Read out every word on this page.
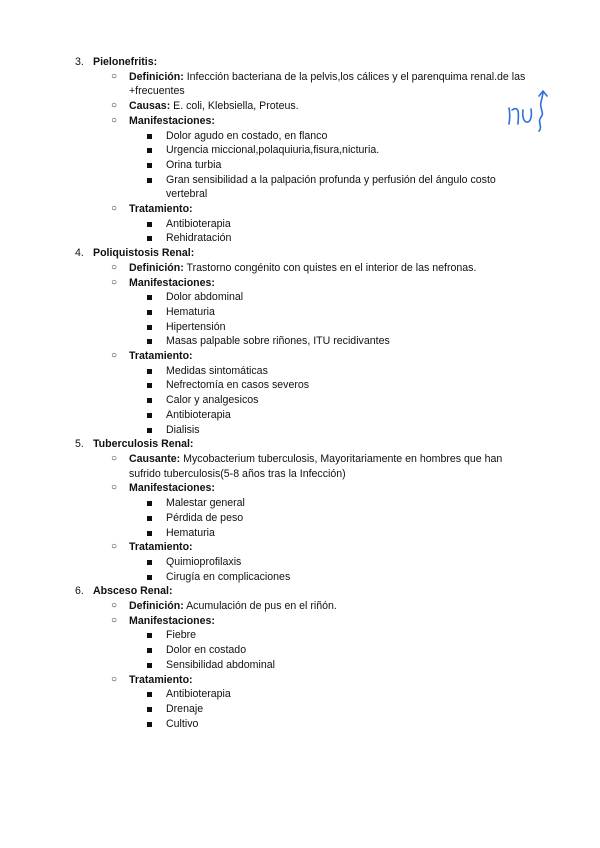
3. Pielonefritis:
○ Definición: Infección bacteriana de la pelvis,los cálices y el parenquima renal.de las +frecuentes
○ Causas: E. coli, Klebsiella, Proteus.
○ Manifestaciones:
Dolor agudo en costado, en flanco
Urgencia miccional,polaquiuria,fisura,nicturia.
Orina turbia
Gran sensibilidad a la palpación profunda y perfusión del ángulo costo vertebral
○ Tratamiento:
Antibioterapia
Rehidratación
4. Poliquistosis Renal:
○ Definición: Trastorno congénito con quistes en el interior de las nefronas.
○ Manifestaciones:
Dolor abdominal
Hematuria
Hipertensión
Masas palpable sobre riñones, ITU recidivantes
○ Tratamiento:
Medidas sintomáticas
Nefrectomía en casos severos
Calor y analgesicos
Antibioterapia
Dialisis
5. Tuberculosis Renal:
○ Causante: Mycobacterium tuberculosis, Mayoritariamente en hombres que han sufrido tuberculosis(5-8 años tras la Infección)
○ Manifestaciones:
Malestar general
Pérdida de peso
Hematuria
○ Tratamiento:
Quimioprofilaxis
Cirugía en complicaciones
6. Absceso Renal:
○ Definición: Acumulación de pus en el riñón.
○ Manifestaciones:
Fiebre
Dolor en costado
Sensibilidad abdominal
○ Tratamiento:
Antibioterapia
Drenaje
Cultivo
